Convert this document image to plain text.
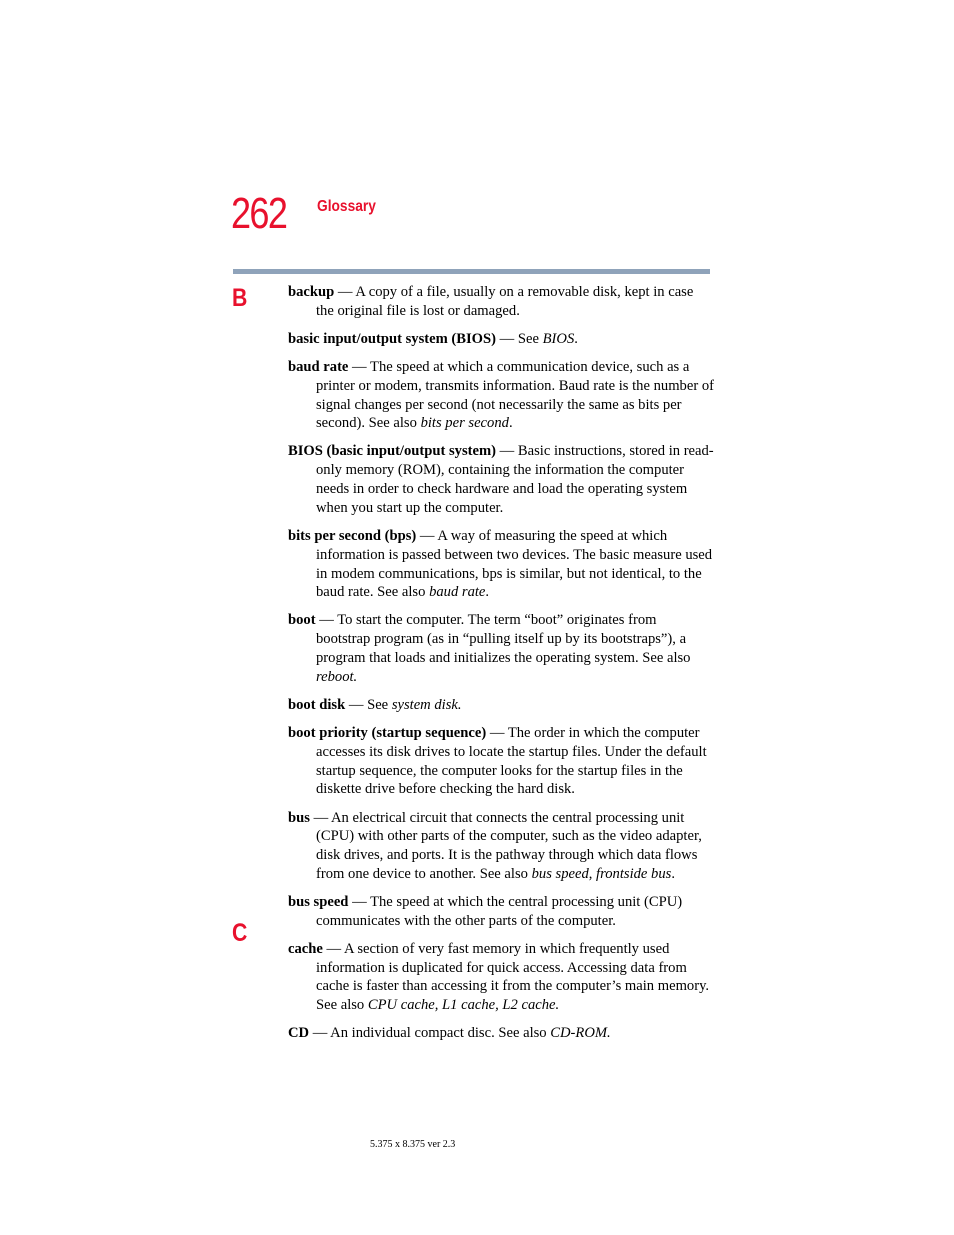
262 Glossary
B
C

backup — A copy of a file, usually on a removable disk, kept in case the original file is lost or damaged.

basic input/output system (BIOS) — See BIOS.

baud rate — The speed at which a communication device, such as a printer or modem, transmits information. Baud rate is the number of signal changes per second (not necessarily the same as bits per second). See also bits per second.

BIOS (basic input/output system) — Basic instructions, stored in read-only memory (ROM), containing the information the computer needs in order to check hardware and load the operating system when you start up the computer.

bits per second (bps) — A way of measuring the speed at which information is passed between two devices. The basic measure used in modem communications, bps is similar, but not identical, to the baud rate. See also baud rate.

boot — To start the computer. The term “boot” originates from bootstrap program (as in “pulling itself up by its bootstraps”), a program that loads and initializes the operating system. See also reboot.

boot disk — See system disk.

boot priority (startup sequence) — The order in which the computer accesses its disk drives to locate the startup files. Under the default startup sequence, the computer looks for the startup files in the diskette drive before checking the hard disk.

bus — An electrical circuit that connects the central processing unit (CPU) with other parts of the computer, such as the video adapter, disk drives, and ports. It is the pathway through which data flows from one device to another. See also bus speed, frontside bus.

bus speed — The speed at which the central processing unit (CPU) communicates with the other parts of the computer.

cache — A section of very fast memory in which frequently used information is duplicated for quick access. Accessing data from cache is faster than accessing it from the computer’s main memory. See also CPU cache, L1 cache, L2 cache.

CD — An individual compact disc. See also CD-ROM.

5.375 x 8.375 ver 2.3
